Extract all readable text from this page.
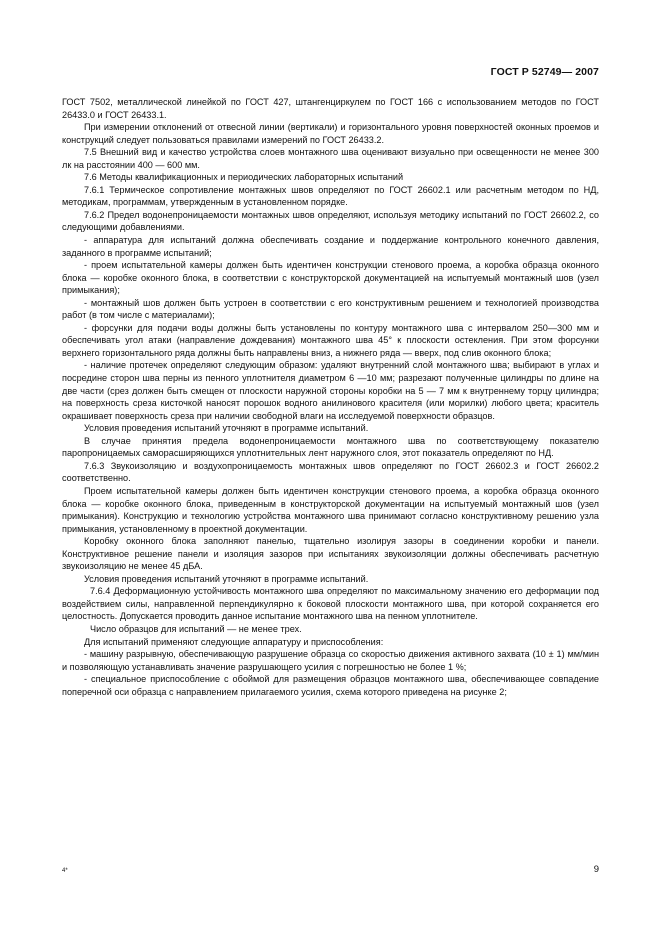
ГОСТ Р 52749— 2007

ГОСТ 7502, металлической линейкой по ГОСТ 427, штангенциркулем по ГОСТ 166 с использованием методов по ГОСТ 26433.0 и ГОСТ 26433.1.

При измерении отклонений от отвесной линии (вертикали) и горизонтального уровня поверхностей оконных проемов и конструкций следует пользоваться правилами измерений по ГОСТ 26433.2.

7.5 Внешний вид и качество устройства слоев монтажного шва оценивают визуально при освещенности не менее 300 лк на расстоянии 400 — 600 мм.

7.6 Методы квалификационных и периодических лабораторных испытаний

7.6.1 Термическое сопротивление монтажных швов определяют по ГОСТ 26602.1 или расчетным методом по НД, методикам, программам, утвержденным в установленном порядке.

7.6.2 Предел водонепроницаемости монтажных швов определяют, используя методику испытаний по ГОСТ 26602.2, со следующими добавлениями.

- аппаратура для испытаний должна обеспечивать создание и поддержание контрольного конечного давления, заданного в программе испытаний;

- проем испытательной камеры должен быть идентичен конструкции стенового проема, а коробка образца оконного блока — коробке оконного блока, в соответствии с конструкторской документацией на испытуемый монтажный шов (узел примыкания);

- монтажный шов должен быть устроен в соответствии с его конструктивным решением и технологией производства работ (в том числе с материалами);

- форсунки для подачи воды должны быть установлены по контуру монтажного шва с интервалом 250—300 мм и обеспечивать угол атаки (направление дождевания) монтажного шва 45° к плоскости остекления. При этом форсунки верхнего горизонтального ряда должны быть направлены вниз, а нижнего ряда — вверх, под слив оконного блока;

- наличие протечек определяют следующим образом: удаляют внутренний слой монтажного шва; выбирают в углах и посредине сторон шва перны из пенного уплотнителя диаметром 6 —10 мм; разрезают полученные цилиндры по длине на две части (срез должен быть смещен от плоскости наружной стороны коробки на 5 — 7 мм к внутреннему торцу цилиндра; на поверхность среза кисточкой наносят порошок водного анилинового красителя (или морилки) любого цвета; краситель окрашивает поверхность среза при наличии свободной влаги на исследуемой поверхности образцов.

Условия проведения испытаний уточняют в программе испытаний.

В случае принятия предела водонепроницаемости монтажного шва по соответствующему показателю паропроницаемых саморасширяющихся уплотнительных лент наружного слоя, этот показатель определяют по НД.

7.6.3 Звукоизоляцию и воздухопроницаемость монтажных швов определяют по ГОСТ 26602.3 и ГОСТ 26602.2 соответственно.

Проем испытательной камеры должен быть идентичен конструкции стенового проема, а коробка образца оконного блока — коробке оконного блока, приведенным в конструкторской документации на испытуемый монтажный шов (узел примыкания). Конструкцию и технологию устройства монтажного шва принимают согласно конструктивному решению узла примыкания, установленному в проектной документации.

Коробку оконного блока заполняют панелью, тщательно изолируя зазоры в соединении коробки и панели. Конструктивное решение панели и изоляция зазоров при испытаниях звукоизоляции должны обеспечивать расчетную звукоизоляцию не менее 45 дБА.

Условия проведения испытаний уточняют в программе испытаний.

7.6.4 Деформационную устойчивость монтажного шва определяют по максимальному значению его деформации под воздействием силы, направленной перпендикулярно к боковой плоскости монтажного шва, при которой сохраняется его целостность. Допускается проводить данное испытание монтажного шва на пенном уплотнителе.

Число образцов для испытаний — не менее трех.

Для испытаний применяют следующие аппаратуру и приспособления:

- машину разрывную, обеспечивающую разрушение образца со скоростью движения активного захвата (10 ± 1) мм/мин и позволяющую устанавливать значение разрушающего усилия с погрешностью не более 1 %;

- специальное приспособление с обоймой для размещения образцов монтажного шва, обеспечивающее совпадение поперечной оси образца с направлением прилагаемого усилия, схема которого приведена на рисунке 2;

4*	9
